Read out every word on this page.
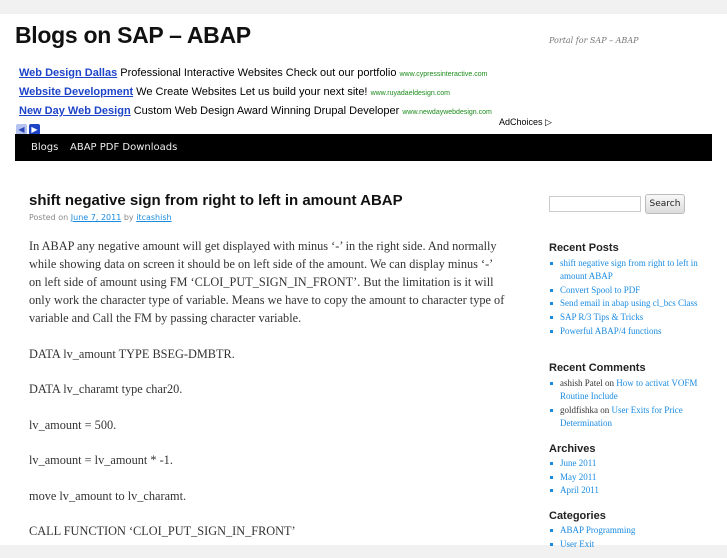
Blogs on SAP – ABAP	Portal for SAP – ABAP
Web Design Dallas Professional Interactive Websites Check out our portfolio www.cypressinteractive.com
Website Development We Create Websites Let us build your next site! www.ruyadaeldesign.com
New Day Web Design Custom Web Design Award Winning Drupal Developer www.newdaywebdesign.com
◀ ▶
AdChoices ▷
Blogs ABAP PDF Downloads
shift negative sign from right to left in amount ABAP
Posted on June 7, 2011 by itcashish

In ABAP any negative amount will get displayed with minus ‘-’ in the right side. And normally while showing data on screen it should be on left side of the amount. We can display minus ‘-’ on left side of amount using FM ‘CLOI_PUT_SIGN_IN_FRONT’. But the limitation is it will only work the character type of variable. Means we have to copy the amount to character type of variable and Call the FM by passing character variable.

DATA lv_amount TYPE BSEG-DMBTR.

DATA lv_charamt type char20.

lv_amount = 500.

lv_amount = lv_amount * -1.

move lv_amount to lv_charamt.

CALL FUNCTION ‘CLOI_PUT_SIGN_IN_FRONT’

Search
Recent Posts
shift negative sign from right to left in amount ABAP
Convert Spool to PDF
Send email in abap using cl_bcs Class
SAP R/3 Tips & Tricks
Powerful ABAP/4 functions
Recent Comments
ashish Patel on How to activat VOFM Routine Include
goldfishka on User Exits for Price Determination
Archives
June 2011
May 2011
April 2011
Categories
ABAP Programming
User Exit
